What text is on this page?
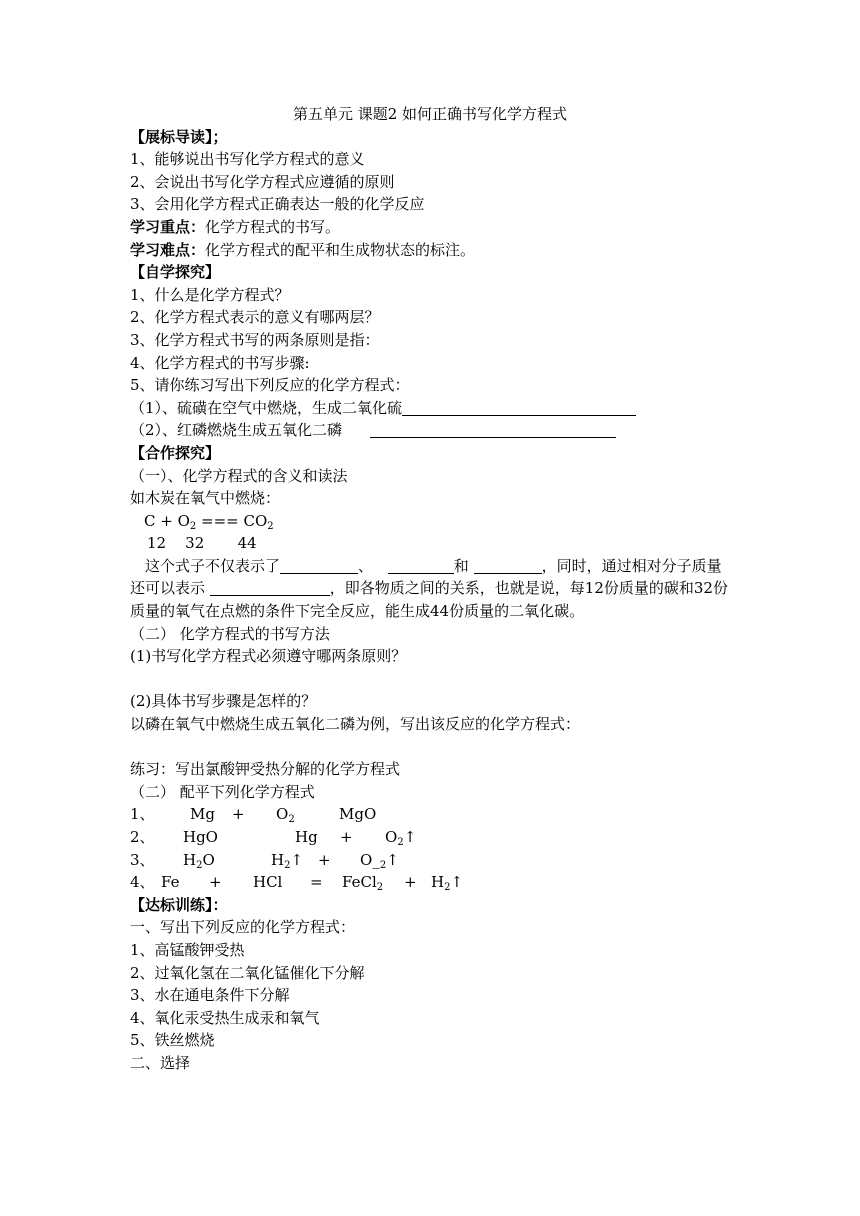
第五单元 课题2 如何正确书写化学方程式
【展标导读】；
1、能够说出书写化学方程式的意义
2、会说出书写化学方程式应遵循的原则
3、会用化学方程式正确表达一般的化学反应
学习重点：化学方程式的书写。
学习难点：化学方程式的配平和生成物状态的标注。
【自学探究】
1、什么是化学方程式？
2、化学方程式表示的意义有哪两层？
3、化学方程式书写的两条原则是指：
4、化学方程式的书写步骤:
5、请你练习写出下列反应的化学方程式：
（1）、硫磺在空气中燃烧，生成二氧化硫
（2）、红磷燃烧生成五氧化二磷
【合作探究】
（一）、化学方程式的含义和读法
如木炭在氧气中燃烧：
$C + O_2$ === $CO_2$
12    32       44
这个式子不仅表示了	、	和	，同时，通过相对分子质量还可以表示	，即各物质之间的关系，也就是说，每12份质量的碳和32份质量的氧气在点燃的条件下完全反应，能生成44份质量的二氧化碳。
（二） 化学方程式的书写方法
(1)书写化学方程式必须遵守哪两条原则？
(2)具体书写步骤是怎样的？
以磷在氧气中燃烧生成五氧化二磷为例，写出该反应的化学方程式：
练习：写出氯酸钾受热分解的化学方程式
（二） 配平下列化学方程式
1、 $Mg + O_2$	MgO
2、 HgO	$Hg + O_2↑$
3、 $H_2O$	$H_2↑$ + $O\__2↑$
4、 Fe + HCl = FeCl$_2$ + $H_2↑$
【达标训练】：
一、写出下列反应的化学方程式：
1、高锰酸钾受热
2、过氧化氢在二氧化锰催化下分解
3、水在通电条件下分解
4、氧化汞受热生成汞和氧气
5、铁丝燃烧
二、选择
